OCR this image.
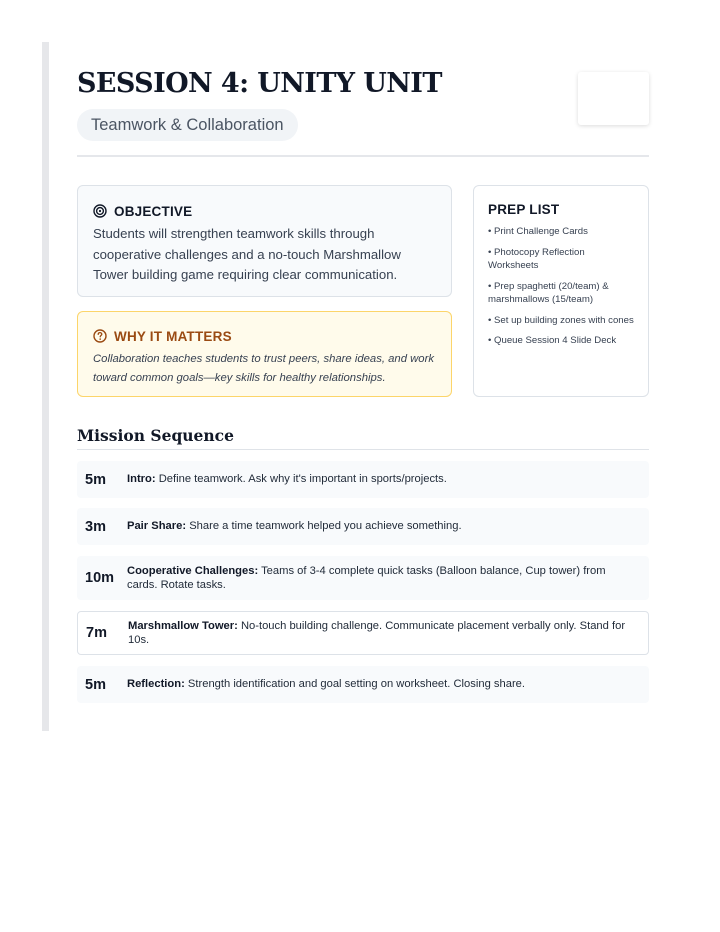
SESSION 4: UNITY UNIT
Teamwork & Collaboration
OBJECTIVE

Students will strengthen teamwork skills through cooperative challenges and a no-touch Marshmallow Tower building game requiring clear communication.

WHY IT MATTERS

Collaboration teaches students to trust peers, share ideas, and work toward common goals—key skills for healthy relationships.

PREP LIST
• Print Challenge Cards
• Photocopy Reflection Worksheets
• Prep spaghetti (20/team) & marshmallows (15/team)
• Set up building zones with cones
• Queue Session 4 Slide Deck
Mission Sequence
5m	Intro: Define teamwork. Ask why it's important in sports/projects.
3m	Pair Share: Share a time teamwork helped you achieve something.
10m	Cooperative Challenges: Teams of 3-4 complete quick tasks (Balloon balance, Cup tower) from cards. Rotate tasks.
7m	Marshmallow Tower: No-touch building challenge. Communicate placement verbally only. Stand for 10s.
5m	Reflection: Strength identification and goal setting on worksheet. Closing share.
